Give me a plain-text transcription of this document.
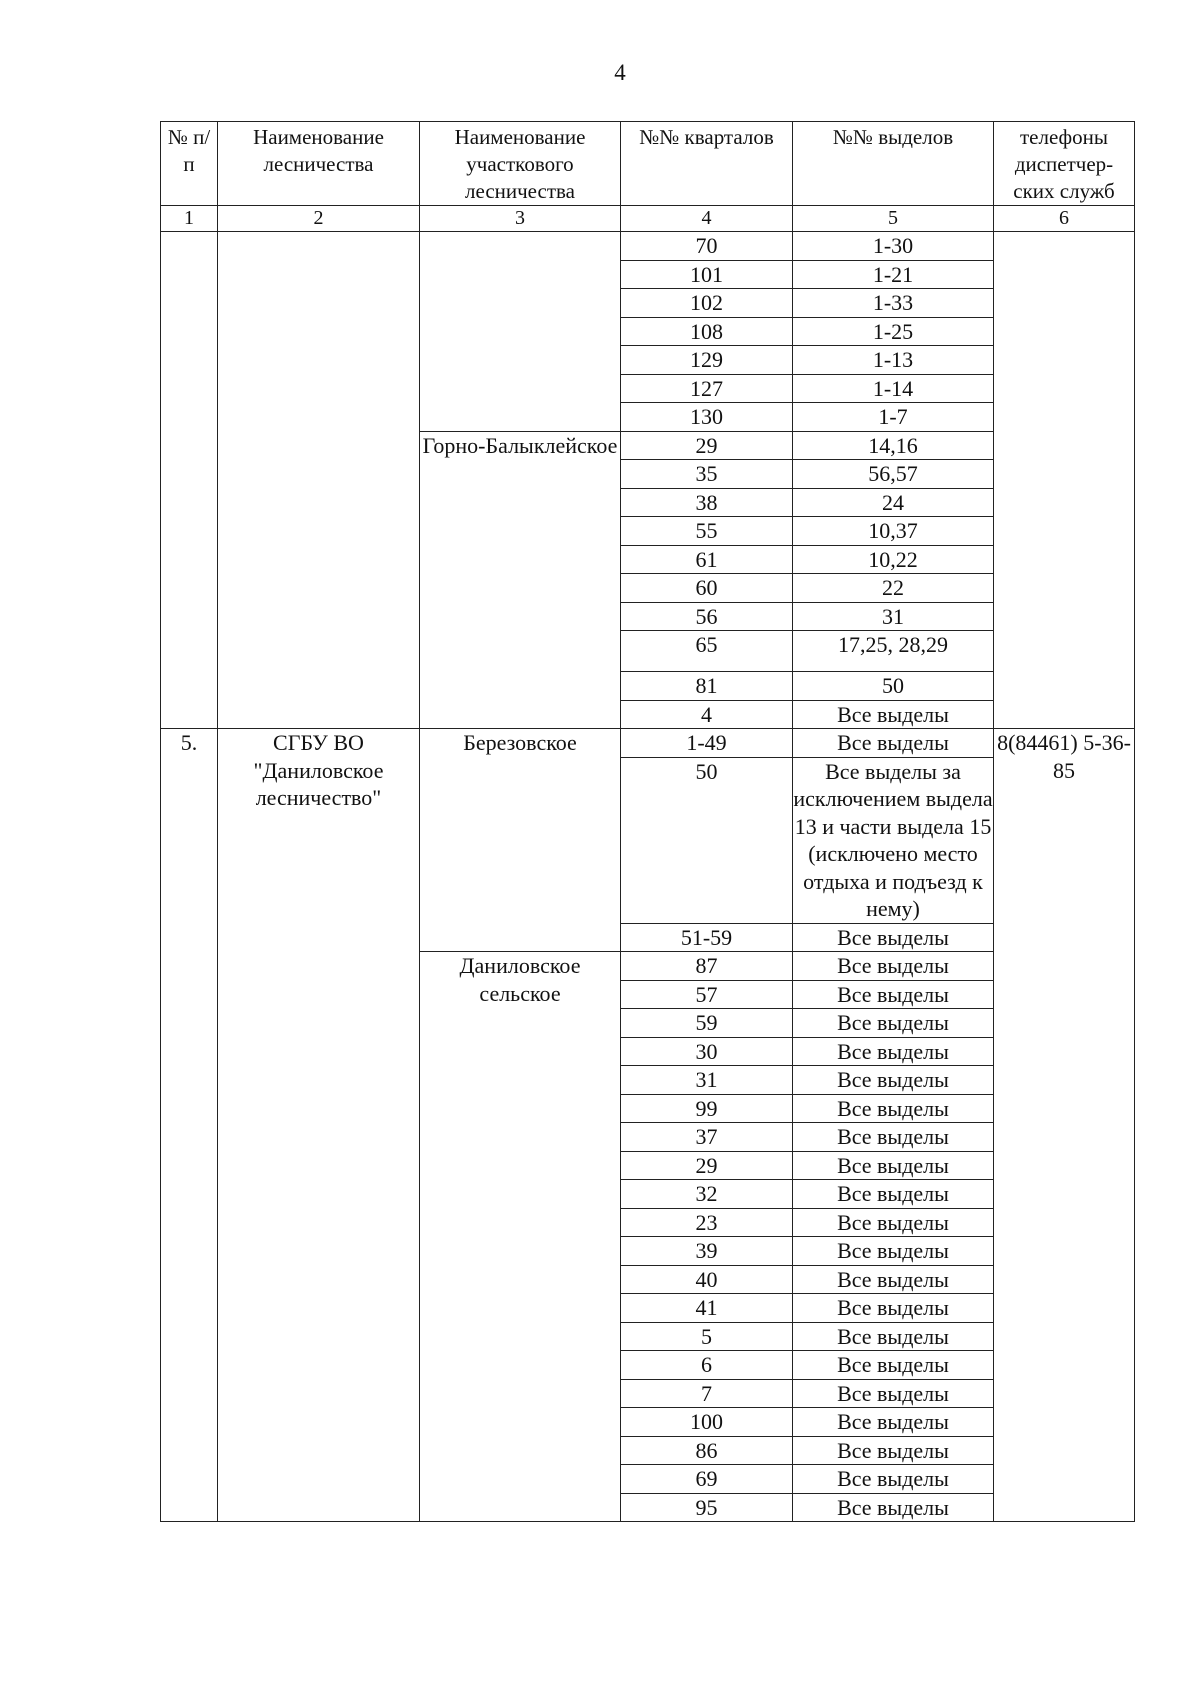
4
№ п/п	Наименование лесничества	Наименование участкового лесничества	№№ кварталов	№№ выделов	телефоны диспетчер-ских служб
1	2	3	4	5	6
			70	1-30	
			101	1-21	
			102	1-33	
			108	1-25	
			129	1-13	
			127	1-14	
			130	1-7	
		Горно-Балыклейское	29	14,16	
			35	56,57	
			38	24	
			55	10,37	
			61	10,22	
			60	22	
			56	31	
			65	17,25, 28,29	
			81	50	
			4	Все выделы	
5.	СГБУ ВО "Даниловское лесничество"	Березовское	1-49	Все выделы	8(84461) 5-36-85
			50	Все выделы за исключением выдела 13 и части выдела 15 (исключено место отдыха и подъезд к нему)	
			51-59	Все выделы	
		Даниловское сельское	87	Все выделы	
			57	Все выделы	
			59	Все выделы	
			30	Все выделы	
			31	Все выделы	
			99	Все выделы	
			37	Все выделы	
			29	Все выделы	
			32	Все выделы	
			23	Все выделы	
			39	Все выделы	
			40	Все выделы	
			41	Все выделы	
			5	Все выделы	
			6	Все выделы	
			7	Все выделы	
			100	Все выделы	
			86	Все выделы	
			69	Все выделы	
			95	Все выделы	
